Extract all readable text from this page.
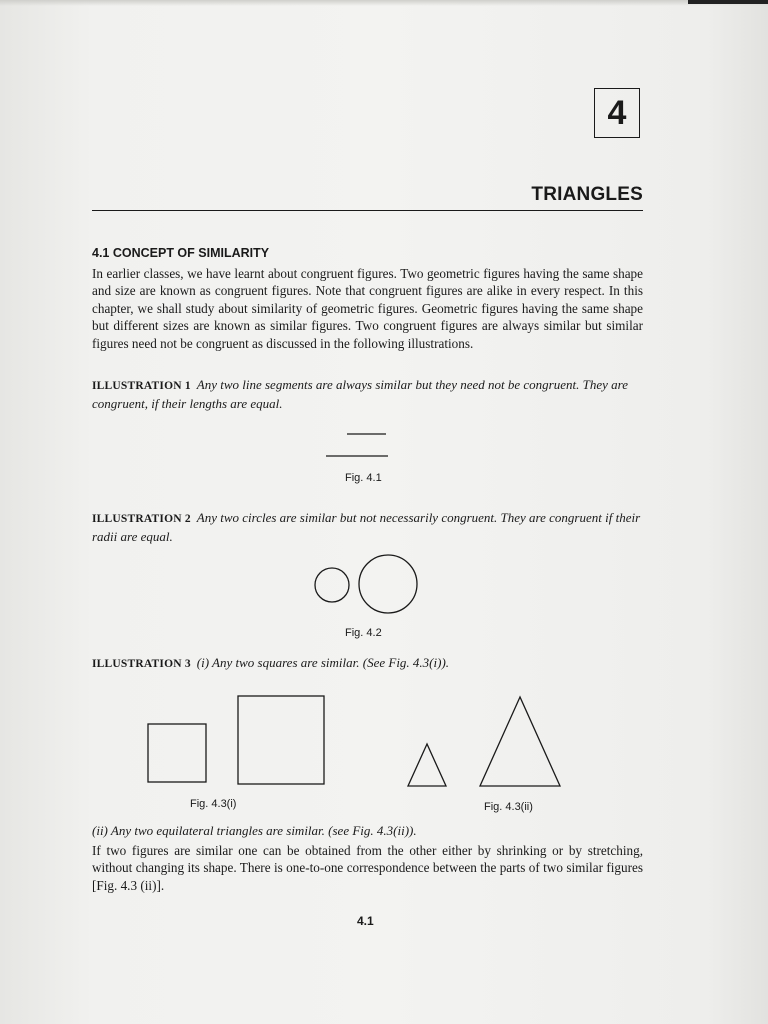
4
TRIANGLES
4.1 CONCEPT OF SIMILARITY

In earlier classes, we have learnt about congruent figures. Two geometric figures having the same shape and size are known as congruent figures. Note that congruent figures are alike in every respect. In this chapter, we shall study about similarity of geometric figures. Geometric figures having the same shape but different sizes are known as similar figures. Two congruent figures are always similar but similar figures need not be congruent as discussed in the following illustrations.

ILLUSTRATION 1 Any two line segments are always similar but they need not be congruent. They are congruent, if their lengths are equal.

Fig. 4.1

ILLUSTRATION 2 Any two circles are similar but not necessarily congruent. They are congruent if their radii are equal.

Fig. 4.2

ILLUSTRATION 3 (i) Any two squares are similar. (See Fig. 4.3(i)).

Fig. 4.3(i)	Fig. 4.3(ii)

(ii) Any two equilateral triangles are similar. (see Fig. 4.3(ii)).

If two figures are similar one can be obtained from the other either by shrinking or by stretching, without changing its shape. There is one-to-one correspondence between the parts of two similar figures [Fig. 4.3 (ii)].

4.1
